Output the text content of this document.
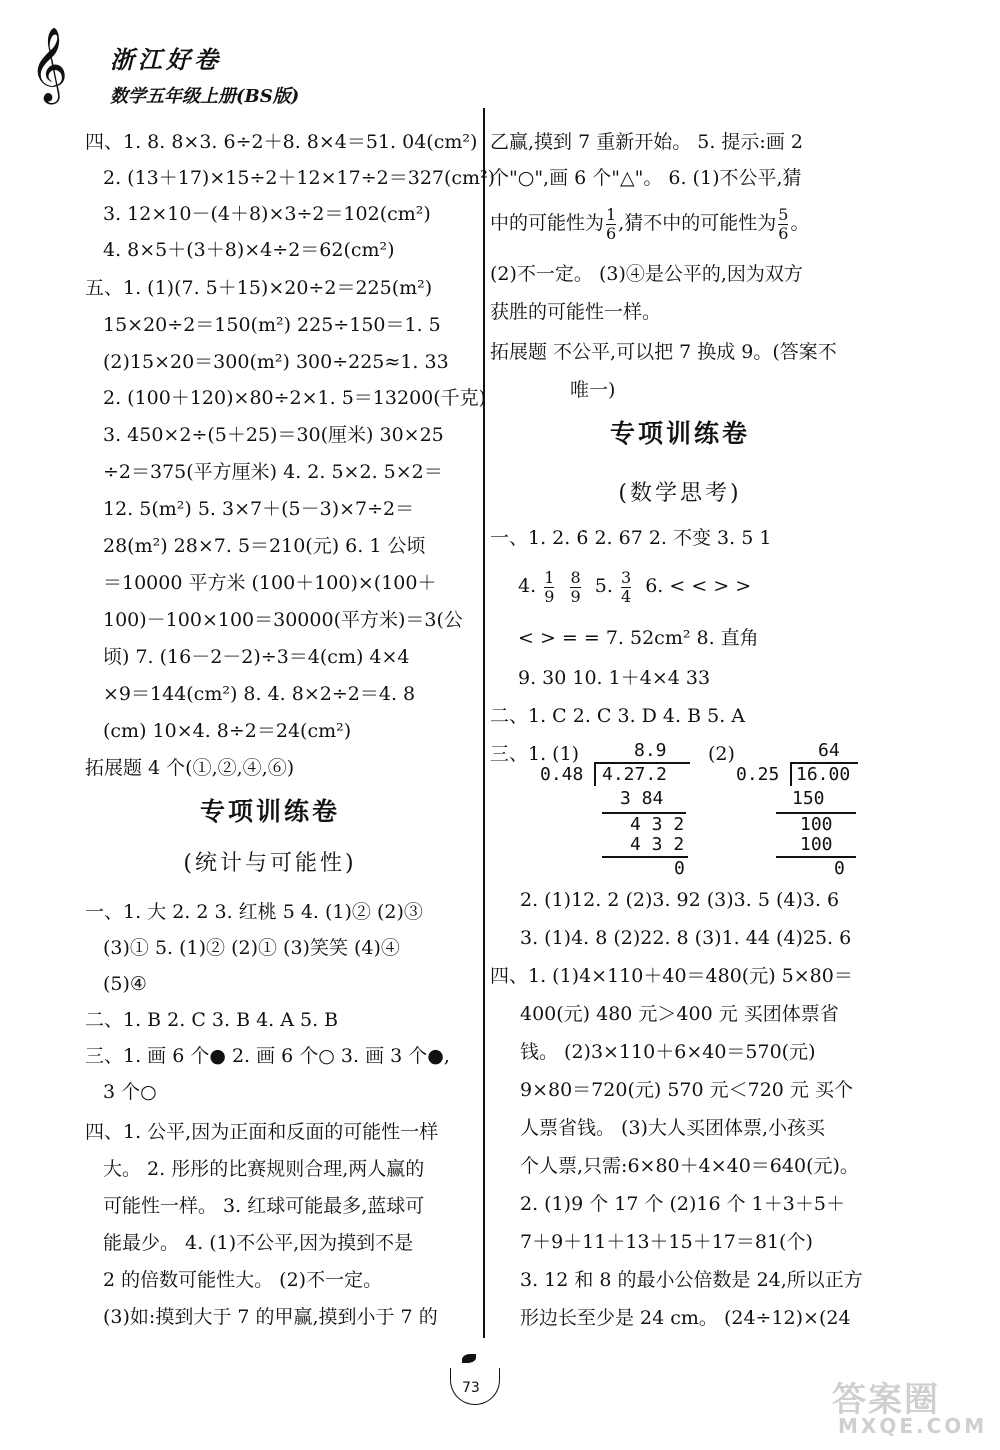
𝄞 浙江好卷
数学五年级上册(BS版)
四、1. 8. 8×3. 6÷2＋8. 8×4＝51. 04(cm²)
2. (13＋17)×15÷2＋12×17÷2＝327(cm²)
3. 12×10－(4＋8)×3÷2＝102(cm²)
4. 8×5＋(3＋8)×4÷2＝62(cm²)
五、1. (1)(7. 5＋15)×20÷2＝225(m²)
15×20÷2＝150(m²) 225÷150＝1. 5
(2)15×20＝300(m²) 300÷225≈1. 33
2. (100＋120)×80÷2×1. 5＝13200(千克)
3. 450×2÷(5＋25)＝30(厘米) 30×25
÷2＝375(平方厘米) 4. 2. 5×2. 5×2＝
12. 5(m²) 5. 3×7＋(5－3)×7÷2＝
28(m²) 28×7. 5＝210(元) 6. 1 公顷
＝10000 平方米 (100＋100)×(100＋
100)－100×100＝30000(平方米)＝3(公
顷) 7. (16－2－2)÷3＝4(cm) 4×4
×9＝144(cm²) 8. 4. 8×2÷2＝4. 8
(cm) 10×4. 8÷2＝24(cm²)
拓展题 4 个(①,②,④,⑥)
专项训练卷
(统计与可能性)
一、1. 大 2. 2 3. 红桃 5 4. (1)② (2)③
(3)① 5. (1)② (2)① (3)笑笑 (4)④
(5)④
二、1. B 2. C 3. B 4. A 5. B
三、1. 画 6 个● 2. 画 6 个○ 3. 画 3 个●,
3 个○
四、1. 公平,因为正面和反面的可能性一样
大。 2. 彤彤的比赛规则合理,两人赢的
可能性一样。 3. 红球可能最多,蓝球可
能最少。 4. (1)不公平,因为摸到不是
2 的倍数可能性大。 (2)不一定。
(3)如:摸到大于 7 的甲赢,摸到小于 7 的
乙赢,摸到 7 重新开始。 5. 提示:画 2
个"○",画 6 个"△"。 6. (1)不公平,猜
中的可能性为 $\frac{1}{6}$ ,猜不中的可能性为 $\frac{5}{6}$ 。
(2)不一定。 (3)④是公平的,因为双方
获胜的可能性一样。
拓展题 不公平,可以把 7 换成 9。(答案不
唯一)
专项训练卷
(数学思考)
一、1. 2. 6̇ 2. 67 2. 不变 3. 5 1
4. $\frac{1}{9}$
$\frac{8}{9} 5$. $\frac{3}{4} 6$. < < > >
< > = = 7. 52cm² 8. 直角
9. 30 10. 1＋4×4 33
二、1. C 2. C 3. D 4. B 5. A
三、1. (1)	(2)
8.9
0.48 4.27.2
3 84
4 3 2
4 3 2
0
64
0.25 16.00
150
100
100
0
2. (1)12. 2 (2)3. 92 (3)3. 5 (4)3. 6
3. (1)4. 8 (2)22. 8 (3)1. 44 (4)25. 6
四、1. (1)4×110＋40＝480(元) 5×80＝
400(元) 480 元＞400 元 买团体票省
钱。 (2)3×110＋6×40＝570(元)
9×80＝720(元) 570 元＜720 元 买个
人票省钱。 (3)大人买团体票,小孩买
个人票,只需:6×80＋4×40＝640(元)。
2. (1)9 个 17 个 (2)16 个 1＋3＋5＋
7＋9＋11＋13＋15＋17＝81(个)
3. 12 和 8 的最小公倍数是 24,所以正方
形边长至少是 24 cm。 (24÷12)×(24
73	答案圈
MXQE.COM
